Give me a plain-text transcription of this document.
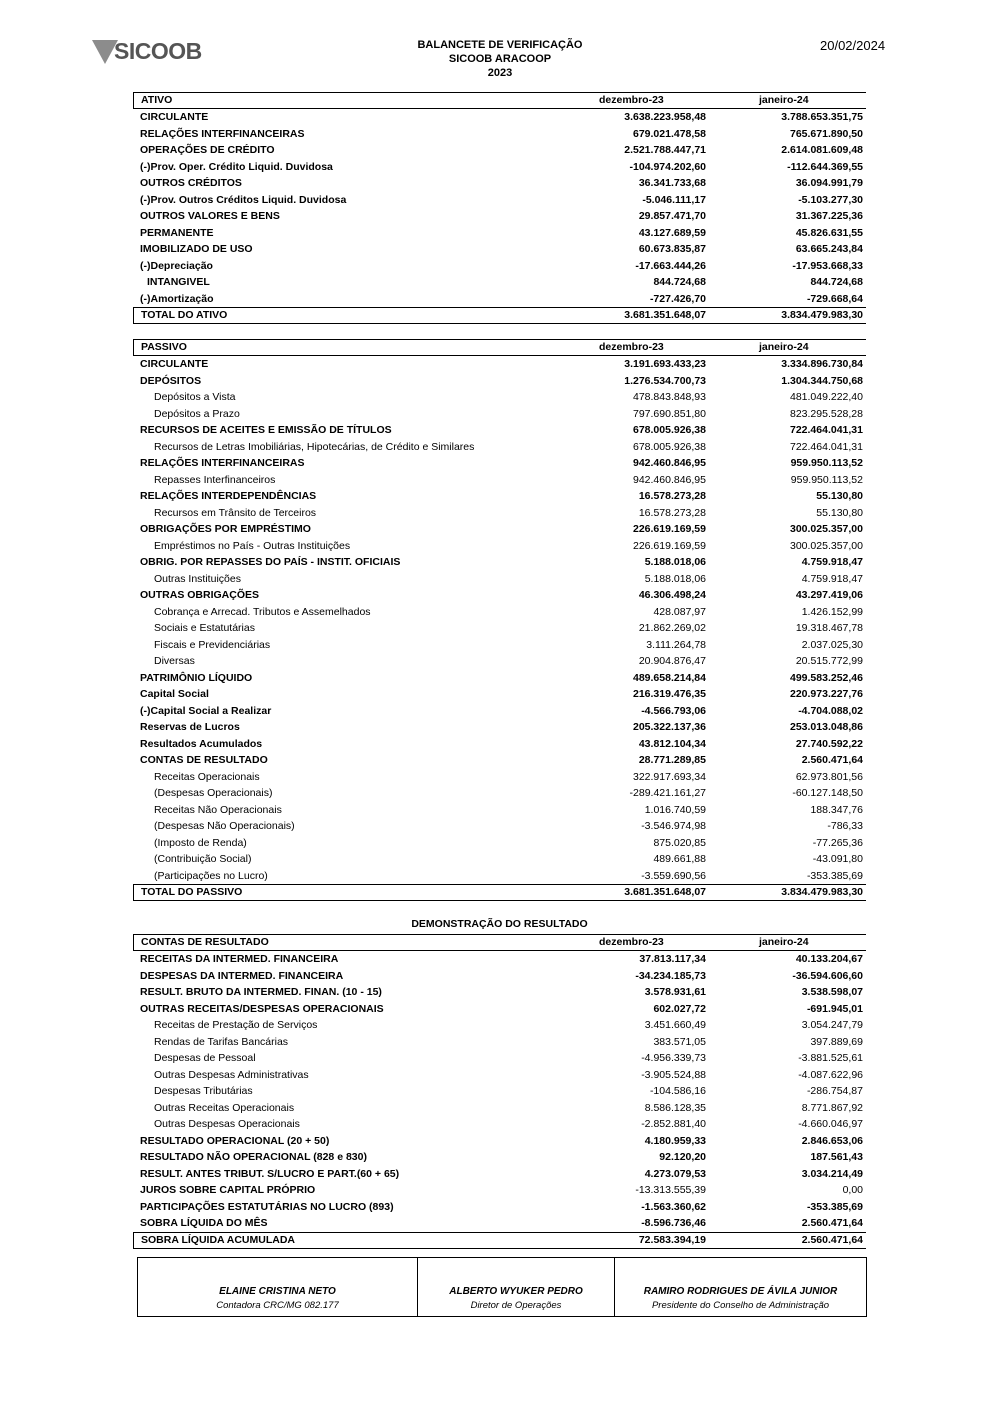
SICOOB	BALANCETE DE VERIFICAÇÃO
SICOOB ARACOOP
2023
20/02/2024
ATIVO	dezembro-23	janeiro-24
CIRCULANTE	3.638.223.958,48	3.788.653.351,75
RELAÇÕES INTERFINANCEIRAS	679.021.478,58	765.671.890,50
OPERAÇÕES DE CRÉDITO	2.521.788.447,71	2.614.081.609,48
(-)Prov. Oper. Crédito Liquid. Duvidosa	-104.974.202,60	-112.644.369,55
OUTROS CRÉDITOS	36.341.733,68	36.094.991,79
(-)Prov. Outros Créditos Liquid. Duvidosa	-5.046.111,17	-5.103.277,30
OUTROS VALORES E BENS	29.857.471,70	31.367.225,36
PERMANENTE	43.127.689,59	45.826.631,55
IMOBILIZADO DE USO	60.673.835,87	63.665.243,84
(-)Depreciação	-17.663.444,26	-17.953.668,33
INTANGIVEL	844.724,68	844.724,68
(-)Amortização	-727.426,70	-729.668,64
TOTAL DO ATIVO	3.681.351.648,07	3.834.479.983,30
PASSIVO	dezembro-23	janeiro-24
CIRCULANTE	3.191.693.433,23	3.334.896.730,84
DEPÓSITOS	1.276.534.700,73	1.304.344.750,68
Depósitos a Vista	478.843.848,93	481.049.222,40
Depósitos a Prazo	797.690.851,80	823.295.528,28
RECURSOS DE ACEITES E EMISSÃO DE TÍTULOS	678.005.926,38	722.464.041,31
Recursos de Letras Imobiliárias, Hipotecárias, de Crédito e Similares	678.005.926,38	722.464.041,31
RELAÇÕES INTERFINANCEIRAS	942.460.846,95	959.950.113,52
Repasses Interfinanceiros	942.460.846,95	959.950.113,52
RELAÇÕES INTERDEPENDÊNCIAS	16.578.273,28	55.130,80
Recursos em Trânsito de Terceiros	16.578.273,28	55.130,80
OBRIGAÇÕES POR EMPRÉSTIMO	226.619.169,59	300.025.357,00
Empréstimos no País - Outras Instituições	226.619.169,59	300.025.357,00
OBRIG. POR REPASSES DO PAÍS - INSTIT. OFICIAIS	5.188.018,06	4.759.918,47
Outras Instituições	5.188.018,06	4.759.918,47
OUTRAS OBRIGAÇÕES	46.306.498,24	43.297.419,06
Cobrança e Arrecad. Tributos e Assemelhados	428.087,97	1.426.152,99
Sociais e Estatutárias	21.862.269,02	19.318.467,78
Fiscais e Previdenciárias	3.111.264,78	2.037.025,30
Diversas	20.904.876,47	20.515.772,99
PATRIMÔNIO LÍQUIDO	489.658.214,84	499.583.252,46
Capital Social	216.319.476,35	220.973.227,76
(-)Capital Social a Realizar	-4.566.793,06	-4.704.088,02
Reservas de Lucros	205.322.137,36	253.013.048,86
Resultados Acumulados	43.812.104,34	27.740.592,22
CONTAS DE RESULTADO	28.771.289,85	2.560.471,64
Receitas Operacionais	322.917.693,34	62.973.801,56
(Despesas Operacionais)	-289.421.161,27	-60.127.148,50
Receitas Não Operacionais	1.016.740,59	188.347,76
(Despesas Não Operacionais)	-3.546.974,98	-786,33
(Imposto de Renda)	875.020,85	-77.265,36
(Contribuição Social)	489.661,88	-43.091,80
(Participações no Lucro)	-3.559.690,56	-353.385,69
TOTAL DO PASSIVO	3.681.351.648,07	3.834.479.983,30
DEMONSTRAÇÃO DO RESULTADO
CONTAS DE RESULTADO	dezembro-23	janeiro-24
RECEITAS DA INTERMED. FINANCEIRA	37.813.117,34	40.133.204,67
DESPESAS DA INTERMED. FINANCEIRA	-34.234.185,73	-36.594.606,60
RESULT. BRUTO DA INTERMED. FINAN. (10 - 15)	3.578.931,61	3.538.598,07
OUTRAS RECEITAS/DESPESAS OPERACIONAIS	602.027,72	-691.945,01
Receitas de Prestação de Serviços	3.451.660,49	3.054.247,79
Rendas de Tarifas Bancárias	383.571,05	397.889,69
Despesas de Pessoal	-4.956.339,73	-3.881.525,61
Outras Despesas Administrativas	-3.905.524,88	-4.087.622,96
Despesas Tributárias	-104.586,16	-286.754,87
Outras Receitas Operacionais	8.586.128,35	8.771.867,92
Outras Despesas Operacionais	-2.852.881,40	-4.660.046,97
RESULTADO OPERACIONAL (20 + 50)	4.180.959,33	2.846.653,06
RESULTADO NÃO OPERACIONAL (828 e 830)	92.120,20	187.561,43
RESULT. ANTES TRIBUT. S/LUCRO E PART.(60 + 65)	4.273.079,53	3.034.214,49
JUROS SOBRE CAPITAL PRÓPRIO	-13.313.555,39	0,00
PARTICIPAÇÕES ESTATUTÁRIAS NO LUCRO (893)	-1.563.360,62	-353.385,69
SOBRA LÍQUIDA DO MÊS	-8.596.736,46	2.560.471,64
SOBRA LÍQUIDA ACUMULADA	72.583.394,19	2.560.471,64
ELAINE CRISTINA NETO
Contadora CRC/MG 082.177
ALBERTO WYUKER PEDRO
Diretor de Operações
RAMIRO RODRIGUES DE ÁVILA JUNIOR
Presidente do Conselho de Administração
